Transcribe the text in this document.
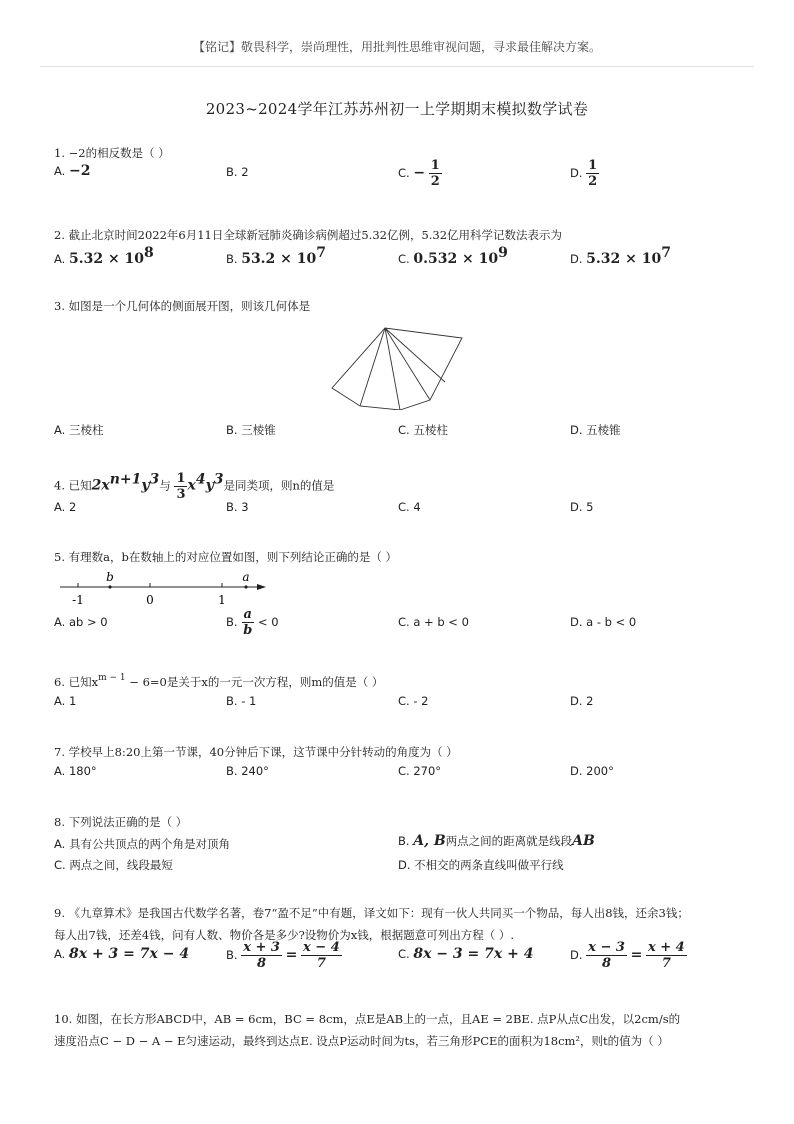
【铭记】敬畏科学，崇尚理性，用批判性思维审视问题，寻求最佳解决方案。
2023~2024学年江苏苏州初一上学期期末模拟数学试卷
1. −2的相反数是（ ）
A. −2	B. 2	C. − $\frac{1}{2}$	D. $\frac{1}{2}$
2. 截止北京时间2022年6月11日全球新冠肺炎确诊病例超过5.32亿例，5.32亿用科学记数法表示为
A. $5.32 \times 10^8$	B. $53.2 \times 10^7$	C. $0.532 \times 10^9$	D. $5.32 \times 10^7$
3. 如图是一个几何体的侧面展开图，则该几何体是
A. 三棱柱	B. 三棱锥	C. 五棱柱	D. 五棱锥
4. 已知$2x^{n+1}y^3$与 $\frac{1}{3} x^4y^3$是同类项，则n的值是
A. 2	B. 3	C. 4	D. 5
5. 有理数a，b在数轴上的对应位置如图，则下列结论正确的是（ ）
b	a
-1	0	1
A. ab > 0	B. $\frac{a}{b} < 0$	C. a + b < 0	D. a - b < 0
6. 已知$x^{m - 1} - 6=0$是关于x的一元一次方程，则m的值是（ ）
A. 1	B. - 1	C. - 2	D. 2
7. 学校早上8:20上第一节课，40分钟后下课，这节课中分针转动的角度为（ ）
A. 180°	B. 240°	C. 270°	D. 200°
8. 下列说法正确的是（ ）
A. 具有公共顶点的两个角是对顶角	B. A, B两点之间的距离就是线段AB
C. 两点之间，线段最短	D. 不相交的两条直线叫做平行线
9. 《九章算术》是我国古代数学名著，卷7“盈不足”中有题，译文如下：现有一伙人共同买一个物品，每人出8钱，还余3钱；
每人出7钱，还差4钱，问有人数、物价各是多少?设物价为x钱，根据题意可列出方程（ ）.
A. 8x + 3 = 7x − 4	B. $\frac{x + 3}{8} = \frac{x - 4}{7}$	C. 8x − 3 = 7x + 4	D. $\frac{x - 3}{8} = \frac{x + 4}{7}$
10. 如图，在长方形ABCD中，AB = 6cm，BC = 8cm，点E是AB上的一点，且AE = 2BE. 点P从点C出发，以2cm/s的
速度沿点C − D − A − E匀速运动，最终到达点E. 设点P运动时间为ts，若三角形PCE的面积为18cm²，则t的值为（ ）
